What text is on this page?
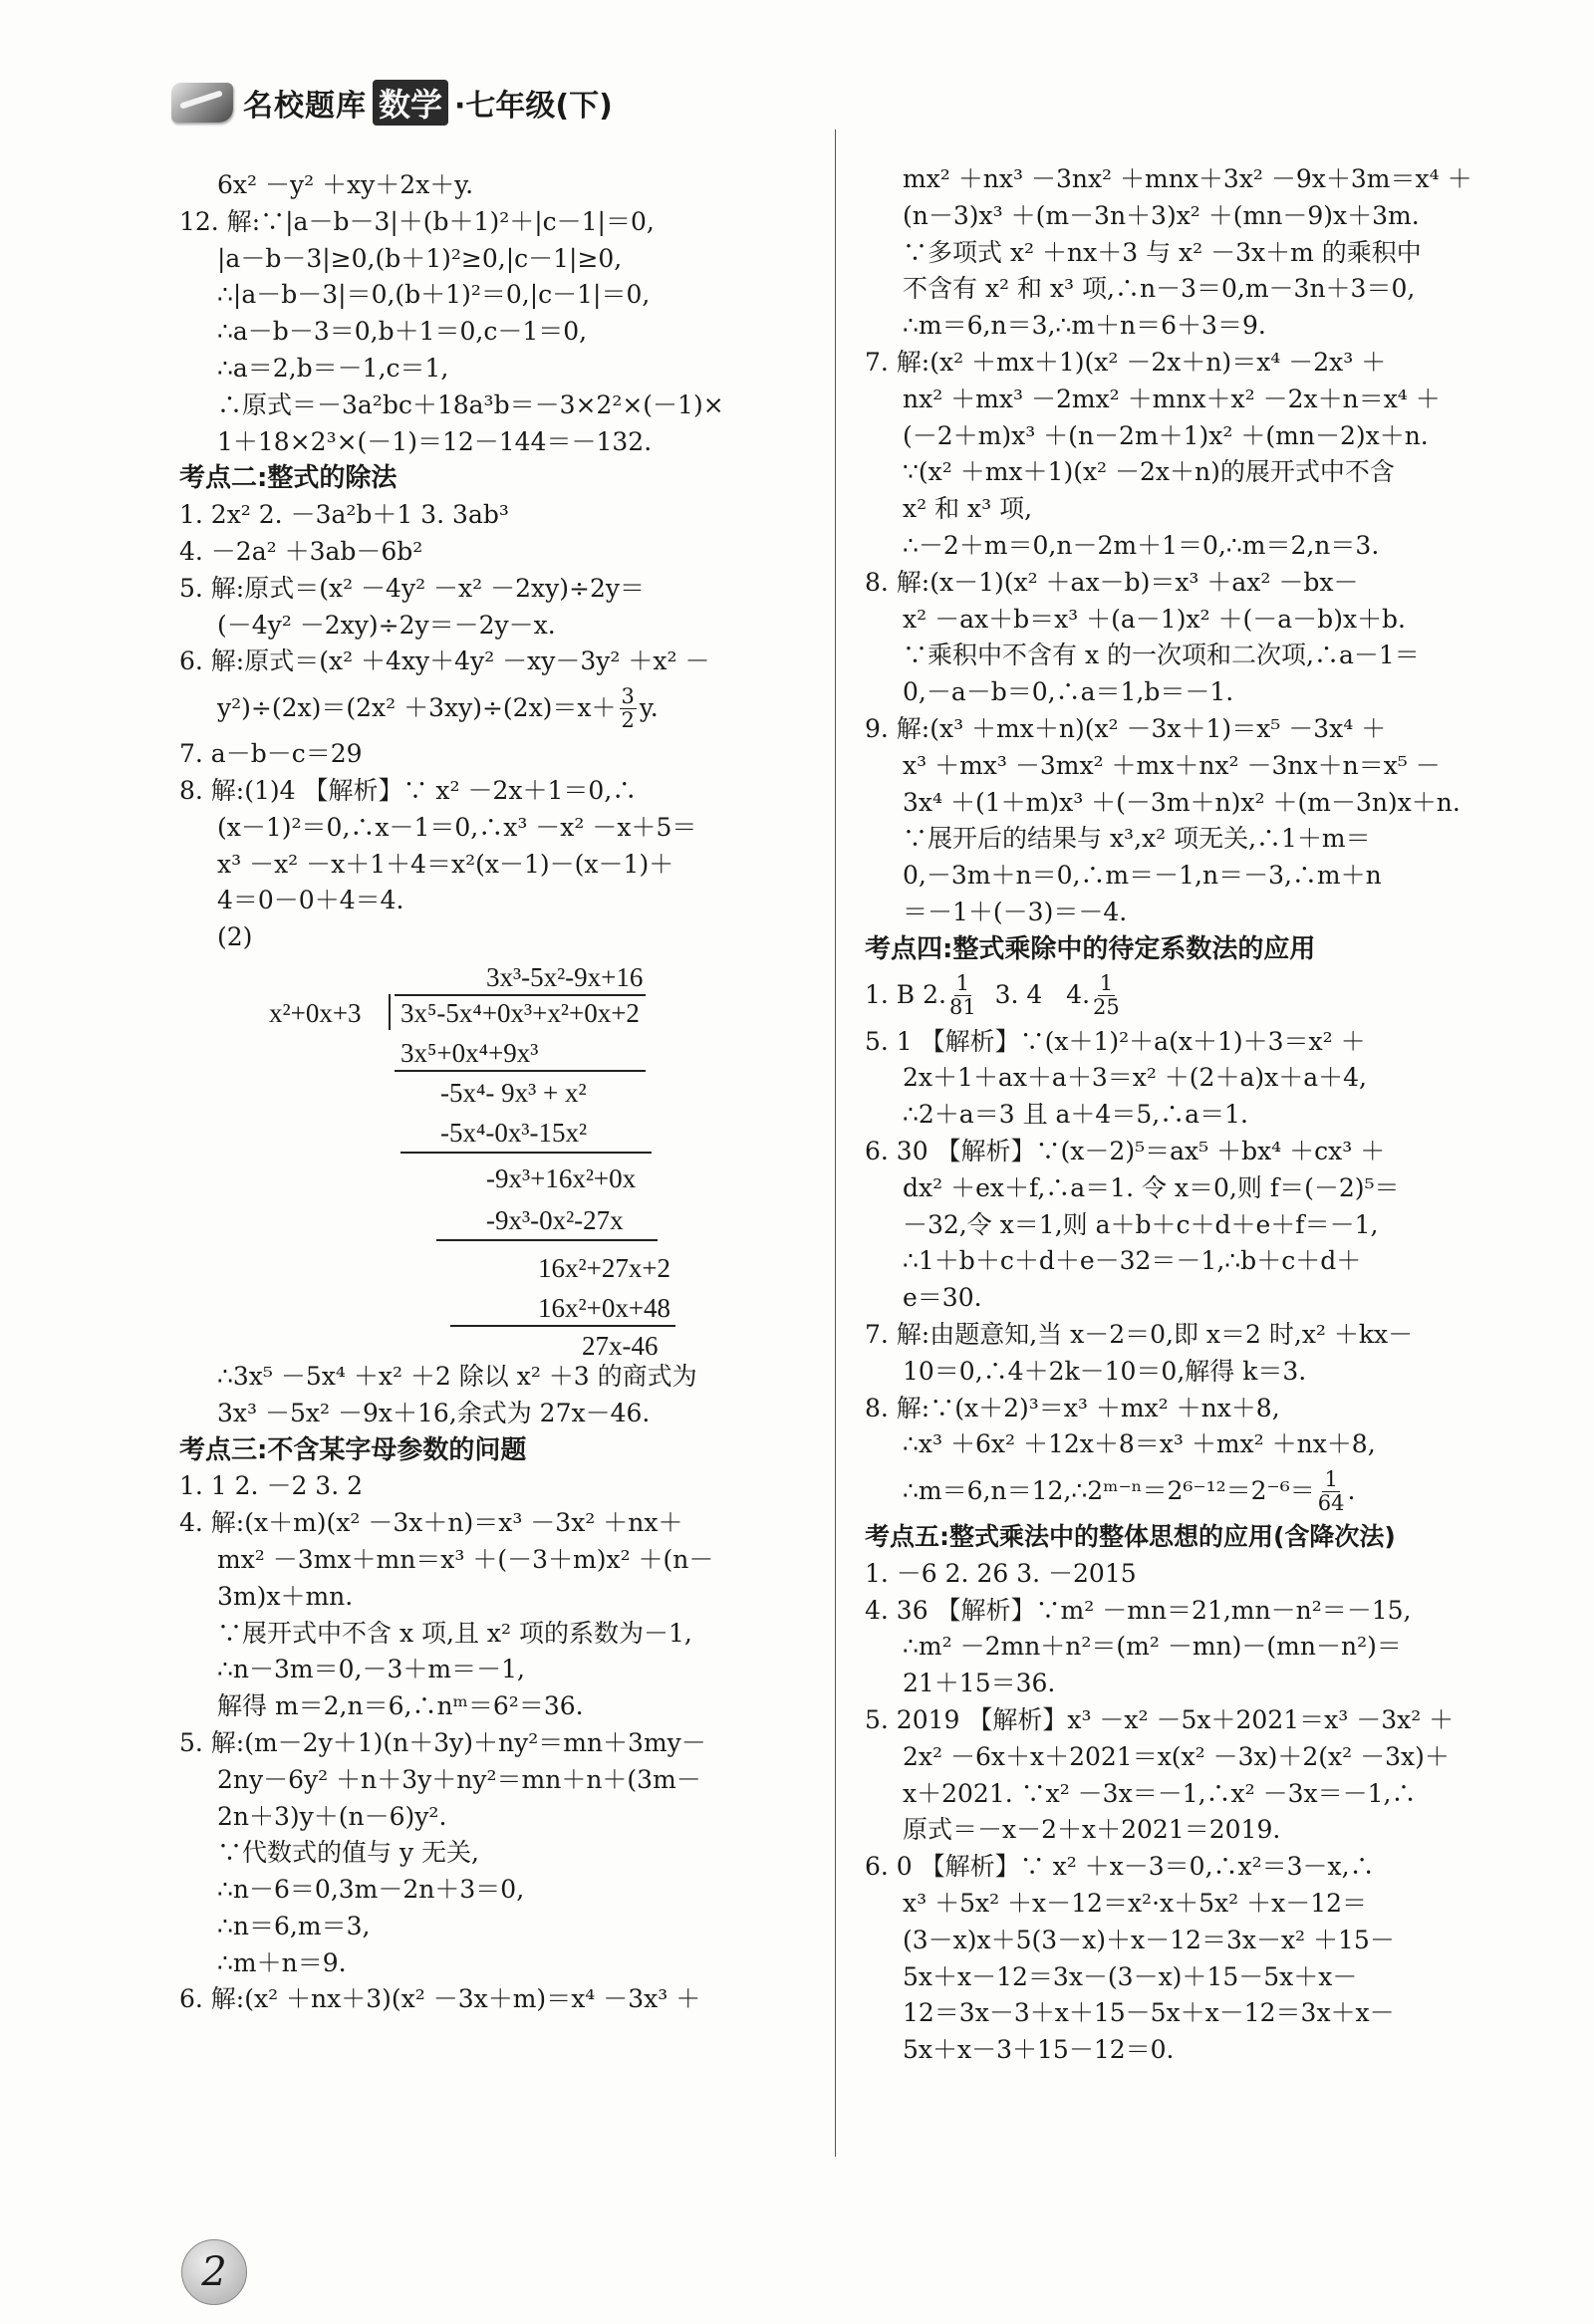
名校题库 数学 ·七年级(下)
6x² －y² ＋xy＋2x＋y.
12. 解:∵|a－b－3|＋(b＋1)²＋|c－1|＝0,
|a－b－3|≥0,(b＋1)²≥0,|c－1|≥0,
∴|a－b－3|＝0,(b＋1)²＝0,|c－1|＝0,
∴a－b－3＝0,b＋1＝0,c－1＝0,
∴a＝2,b＝－1,c＝1,
∴原式＝－3a²bc＋18a³b＝－3×2²×(－1)×
1＋18×2³×(－1)＝12－144＝－132.
考点二:整式的除法
1. 2x² 2. －3a²b＋1 3. 3ab³
4. －2a² ＋3ab－6b²
5. 解:原式＝(x² －4y² －x² －2xy)÷2y＝
(－4y² －2xy)÷2y＝－2y－x.
6. 解:原式＝(x² ＋4xy＋4y² －xy－3y² ＋x² －
$y^2)\div(2x)=(2x^2 +3xy)\div(2x)=x+ \frac{3}{2} y$.
7. a－b－c＝29
8. 解:(1)4 【解析】∵ x² －2x＋1＝0,∴
(x－1)²＝0,∴x－1＝0,∴x³ －x² －x＋5＝
x³ －x² －x＋1＋4＝x²(x－1)－(x－1)＋
4＝0－0＋4＝4.
(2)
3x³-5x²-9x+16
x²+0x+3 3x⁵-5x⁴+0x³+x²+0x+2
3x⁵+0x⁴+9x³
-5x⁴- 9x³ + x²
-5x⁴-0x³-15x²
-9x³+16x²+0x
-9x³-0x²-27x
16x²+27x+2
16x²+0x+48
27x-46
∴3x⁵ －5x⁴ ＋x² ＋2 除以 x² ＋3 的商式为
3x³ －5x² －9x＋16,余式为 27x－46.
考点三:不含某字母参数的问题
1. 1 2. －2 3. 2
4. 解:(x＋m)(x² －3x＋n)＝x³ －3x² ＋nx＋
mx² －3mx＋mn＝x³ ＋(－3＋m)x² ＋(n－
3m)x＋mn.
∵展开式中不含 x 项,且 x² 项的系数为－1,
∴n－3m＝0,－3＋m＝－1,
解得 m＝2,n＝6,∴nᵐ＝6²＝36.
5. 解:(m－2y＋1)(n＋3y)＋ny²＝mn＋3my－
2ny－6y² ＋n＋3y＋ny²＝mn＋n＋(3m－
2n＋3)y＋(n－6)y².
∵代数式的值与 y 无关,
∴n－6＝0,3m－2n＋3＝0,
∴n＝6,m＝3,
∴m＋n＝9.
6. 解:(x² ＋nx＋3)(x² －3x＋m)＝x⁴ －3x³ ＋
mx² ＋nx³ －3nx² ＋mnx＋3x² －9x＋3m＝x⁴ ＋
(n－3)x³ ＋(m－3n＋3)x² ＋(mn－9)x＋3m.
∵多项式 x² ＋nx＋3 与 x² －3x＋m 的乘积中
不含有 x² 和 x³ 项,∴n－3＝0,m－3n＋3＝0,
∴m＝6,n＝3,∴m＋n＝6＋3＝9.
7. 解:(x² ＋mx＋1)(x² －2x＋n)＝x⁴ －2x³ ＋
nx² ＋mx³ －2mx² ＋mnx＋x² －2x＋n＝x⁴ ＋
(－2＋m)x³ ＋(n－2m＋1)x² ＋(mn－2)x＋n.
∵(x² ＋mx＋1)(x² －2x＋n)的展开式中不含
x² 和 x³ 项,
∴－2＋m＝0,n－2m＋1＝0,∴m＝2,n＝3.
8. 解:(x－1)(x² ＋ax－b)＝x³ ＋ax² －bx－
x² －ax＋b＝x³ ＋(a－1)x² ＋(－a－b)x＋b.
∵乘积中不含有 x 的一次项和二次项,∴a－1＝
0,－a－b＝0,∴a＝1,b＝－1.
9. 解:(x³ ＋mx＋n)(x² －3x＋1)＝x⁵ －3x⁴ ＋
x³ ＋mx³ －3mx² ＋mx＋nx² －3nx＋n＝x⁵ －
3x⁴ ＋(1＋m)x³ ＋(－3m＋n)x² ＋(m－3n)x＋n.
∵展开后的结果与 x³,x² 项无关,∴1＋m＝
0,－3m＋n＝0,∴m＝－1,n＝－3,∴m＋n
＝－1＋(－3)＝－4.
考点四:整式乘除中的待定系数法的应用
1. B 2. $\frac{1}{81} 3$. 4   4. $\frac{1}{25}$
5. 1 【解析】∵(x＋1)²＋a(x＋1)＋3＝x² ＋
2x＋1＋ax＋a＋3＝x² ＋(2＋a)x＋a＋4,
∴2＋a＝3 且 a＋4＝5,∴a＝1.
6. 30 【解析】∵(x－2)⁵＝ax⁵ ＋bx⁴ ＋cx³ ＋
dx² ＋ex＋f,∴a＝1. 令 x＝0,则 f＝(－2)⁵＝
－32,令 x＝1,则 a＋b＋c＋d＋e＋f＝－1,
∴1＋b＋c＋d＋e－32＝－1,∴b＋c＋d＋
e＝30.
7. 解:由题意知,当 x－2＝0,即 x＝2 时,x² ＋kx－
10＝0,∴4＋2k－10＝0,解得 k＝3.
8. 解:∵(x＋2)³＝x³ ＋mx² ＋nx＋8,
∴x³ ＋6x² ＋12x＋8＝x³ ＋mx² ＋nx＋8,
∴m＝6,n＝12,∴2ᵐ⁻ⁿ＝2⁶⁻¹²＝2⁻⁶＝ $\frac{1}{64}$ .
考点五:整式乘法中的整体思想的应用(含降次法)
1. －6 2. 26 3. －2015
4. 36 【解析】∵m² －mn＝21,mn－n²＝－15,
∴m² －2mn＋n²＝(m² －mn)－(mn－n²)＝
21＋15＝36.
5. 2019 【解析】x³ －x² －5x＋2021＝x³ －3x² ＋
2x² －6x＋x＋2021＝x(x² －3x)＋2(x² －3x)＋
x＋2021. ∵x² －3x＝－1,∴x² －3x＝－1,∴
原式＝－x－2＋x＋2021＝2019.
6. 0 【解析】∵ x² ＋x－3＝0,∴x²＝3－x,∴
x³ ＋5x² ＋x－12＝x²·x＋5x² ＋x－12＝
(3－x)x＋5(3－x)＋x－12＝3x－x² ＋15－
5x＋x－12＝3x－(3－x)＋15－5x＋x－
12＝3x－3＋x＋15－5x＋x－12＝3x＋x－
5x＋x－3＋15－12＝0.
2
